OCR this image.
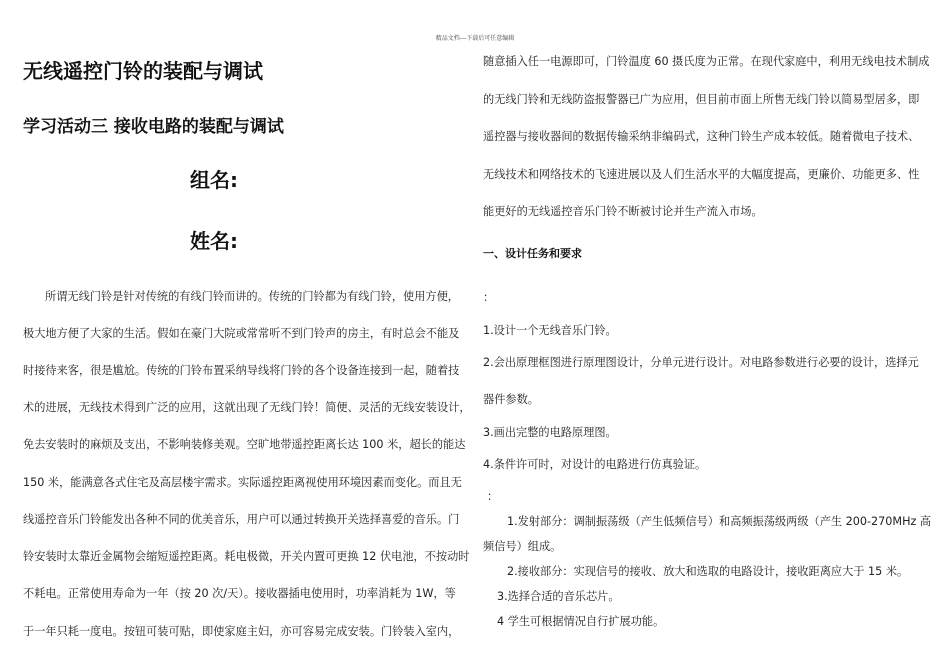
精品文档---下载后可任意编辑
无线遥控门铃的装配与调试
学习活动三 接收电路的装配与调试
组名:
姓名:
所谓无线门铃是针对传统的有线门铃而讲的。传统的门铃都为有线门铃，使用方便，
极大地方便了大家的生活。假如在豪门大院或常常听不到门铃声的房主，有时总会不能及
时接待来客，很是尴尬。传统的门铃布置采纳导线将门铃的各个设备连接到一起，随着技
术的进展，无线技术得到广泛的应用，这就出现了无线门铃！简便、灵活的无线安装设计，
免去安装时的麻烦及支出，不影响装修美观。空旷地带遥控距离长达 100 米，超长的能达
150 米，能满意各式住宅及高层楼宇需求。实际遥控距离视使用环境因素而变化。而且无
线遥控音乐门铃能发出各种不同的优美音乐，用户可以通过转换开关选择喜爱的音乐。门
铃安装时太靠近金属物会缩短遥控距离。耗电极微，开关内置可更换 12 伏电池，不按动时
不耗电。正常使用寿命为一年（按 20 次/天）。接收器插电使用时，功率消耗为 1W，等
于一年只耗一度电。按钮可装可贴，即使家庭主妇，亦可容易完成安装。门铃装入室内，
随意插入任一电源即可，门铃温度 60 摄氏度为正常。在现代家庭中，利用无线电技术制成
的无线门铃和无线防盗报警器已广为应用，但目前市面上所售无线门铃以简易型居多，即
遥控器与接收器间的数据传输采纳非编码式，这种门铃生产成本较低。随着微电子技术、
无线技术和网络技术的飞速进展以及人们生活水平的大幅度提高，更廉价、功能更多、性
能更好的无线遥控音乐门铃不断被讨论并生产流入市场。
一、设计任务和要求
：
1.设计一个无线音乐门铃。
2.会出原理框图进行原理图设计，分单元进行设计。对电路参数进行必要的设计，选择元
器件参数。
3.画出完整的电路原理图。
4.条件许可时，对设计的电路进行仿真验证。
：
1.发射部分：调制振荡级（产生低频信号）和高频振荡级两级（产生 200-270MHz 高
频信号）组成。
2.接收部分：实现信号的接收、放大和选取的电路设计，接收距离应大于 15 米。
3.选择合适的音乐芯片。
4 学生可根据情况自行扩展功能。
